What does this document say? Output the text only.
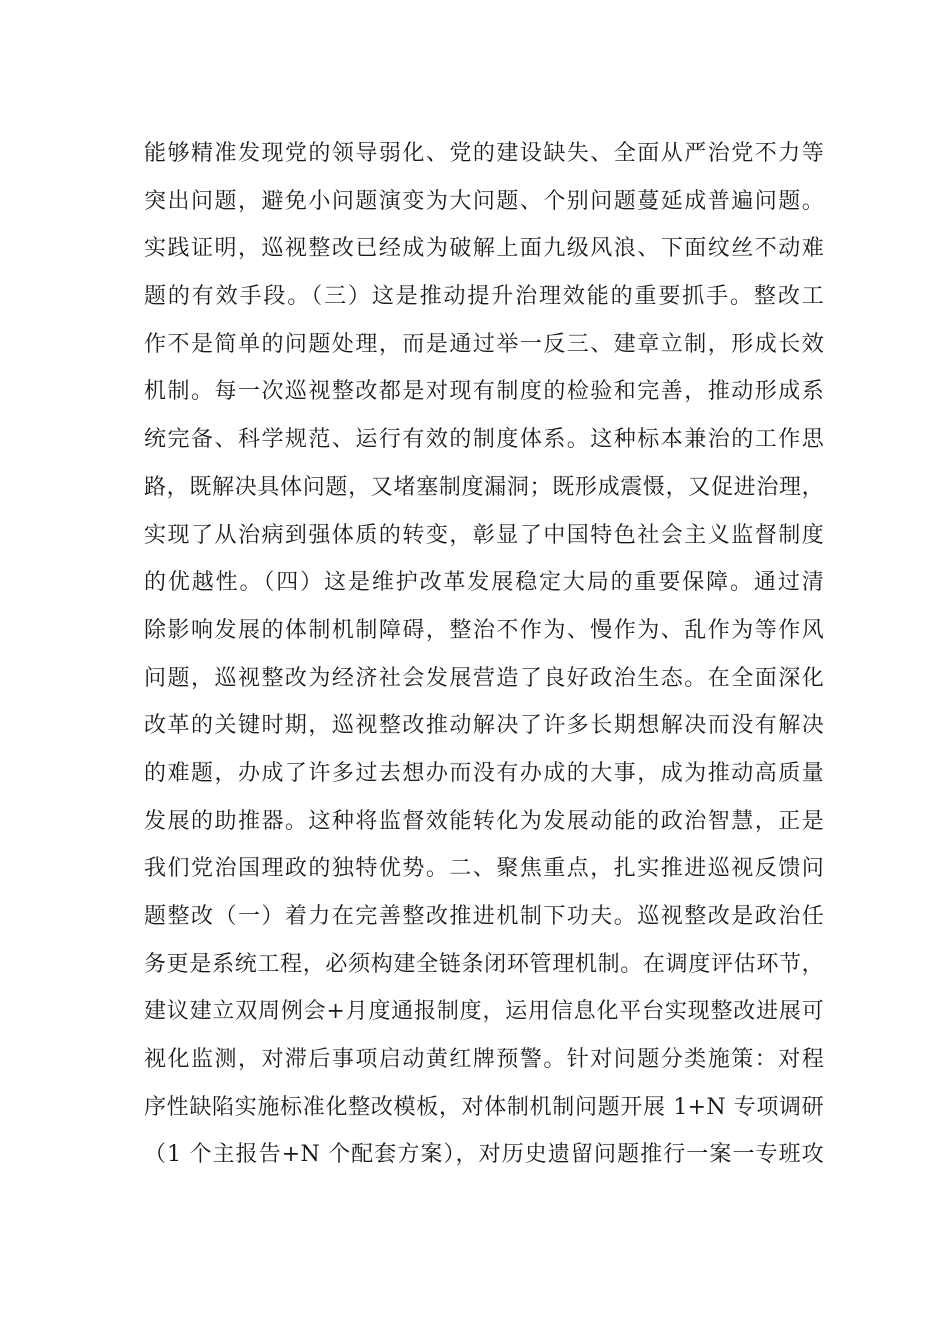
能够精准发现党的领导弱化、党的建设缺失、全面从严治党不力等
突出问题，避免小问题演变为大问题、个别问题蔓延成普遍问题。
实践证明，巡视整改已经成为破解上面九级风浪、下面纹丝不动难
题的有效手段。（三）这是推动提升治理效能的重要抓手。整改工
作不是简单的问题处理，而是通过举一反三、建章立制，形成长效
机制。每一次巡视整改都是对现有制度的检验和完善，推动形成系
统完备、科学规范、运行有效的制度体系。这种标本兼治的工作思
路，既解决具体问题，又堵塞制度漏洞；既形成震慑，又促进治理，
实现了从治病到强体质的转变，彰显了中国特色社会主义监督制度
的优越性。（四）这是维护改革发展稳定大局的重要保障。通过清
除影响发展的体制机制障碍，整治不作为、慢作为、乱作为等作风
问题，巡视整改为经济社会发展营造了良好政治生态。在全面深化
改革的关键时期，巡视整改推动解决了许多长期想解决而没有解决
的难题，办成了许多过去想办而没有办成的大事，成为推动高质量
发展的助推器。这种将监督效能转化为发展动能的政治智慧，正是
我们党治国理政的独特优势。二、聚焦重点，扎实推进巡视反馈问
题整改（一）着力在完善整改推进机制下功夫。巡视整改是政治任
务更是系统工程，必须构建全链条闭环管理机制。在调度评估环节，
建议建立双周例会+月度通报制度，运用信息化平台实现整改进展可
视化监测，对滞后事项启动黄红牌预警。针对问题分类施策：对程
序性缺陷实施标准化整改模板，对体制机制问题开展 1+N 专项调研
（1 个主报告+N 个配套方案），对历史遗留问题推行一案一专班攻
